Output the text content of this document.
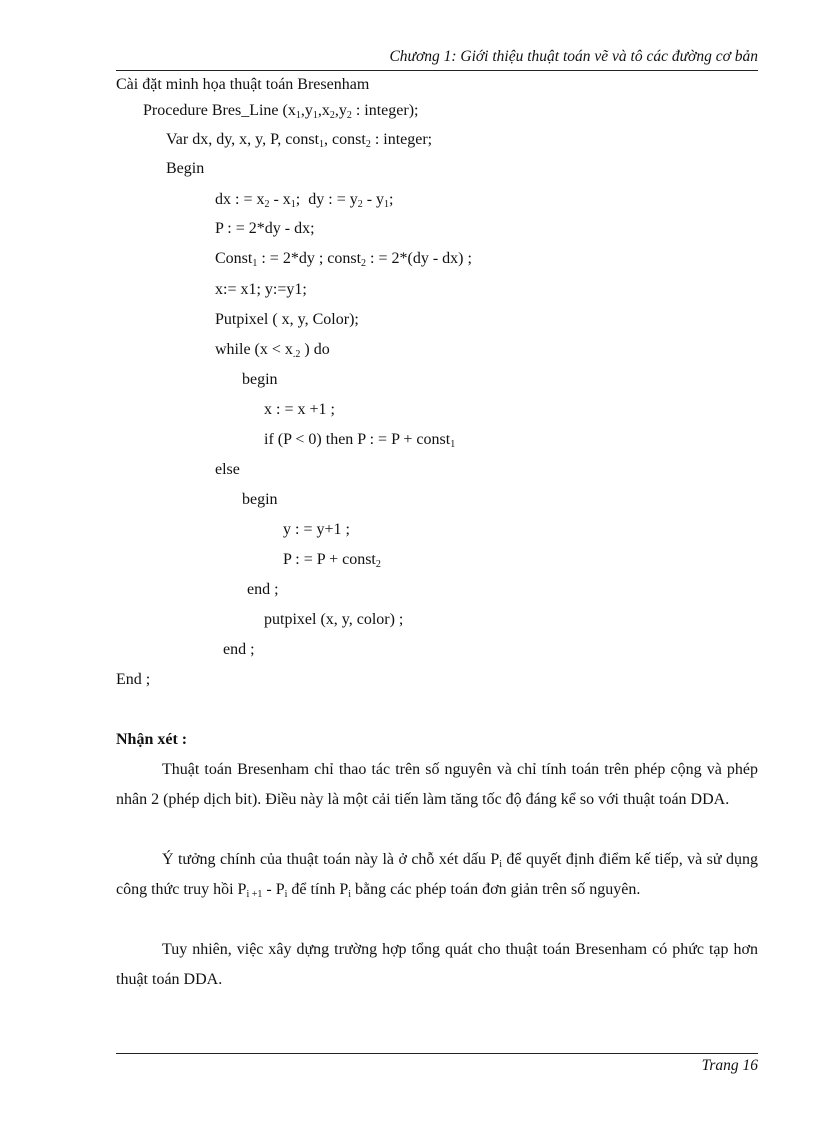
Chương 1: Giới thiệu thuật toán vẽ và tô các đường cơ bản
Cài đặt minh họa thuật toán Bresenham
Procedure Bres_Line ($x_1,y_1,x_2,y_2$ : integer);
Var dx, dy, x, y, P, const$_1$, const$_2$ : integer;
Begin
dx : = $x_2 - x_1$;  dy : = $y_2 - y_1$;
P : = 2*dy - dx;
Const$_1$ : = 2*dy ; const$_2$ : = 2*(dy - dx) ;
x:= x1; y:=y1;
Putpixel ( x, y, Color);
while ($x < x_{.2}$ ) do
begin
x : = x +1 ;
if (P < 0) then P : = P + const$_1$
else
begin
y : = y+1 ;
P : = P + const$_2$
end ;
putpixel (x, y, color) ;
end ;
End ;
Nhận xét :
Thuật toán Bresenham chỉ thao tác trên số nguyên và chỉ tính toán trên phép cộng và phép nhân 2 (phép dịch bit). Điều này là một cải tiến làm tăng tốc độ đáng kể so với thuật toán DDA.
Ý tưởng chính của thuật toán này là ở chỗ xét dấu $P_i$ để quyết định điểm kế tiếp, và sử dụng công thức truy hồi $P_{i +1} - P_i$ để tính $P_i$ bằng các phép toán đơn giản trên số nguyên.
Tuy nhiên, việc xây dựng trường hợp tổng quát cho thuật toán Bresenham có phức tạp hơn thuật toán DDA.
Trang 16
